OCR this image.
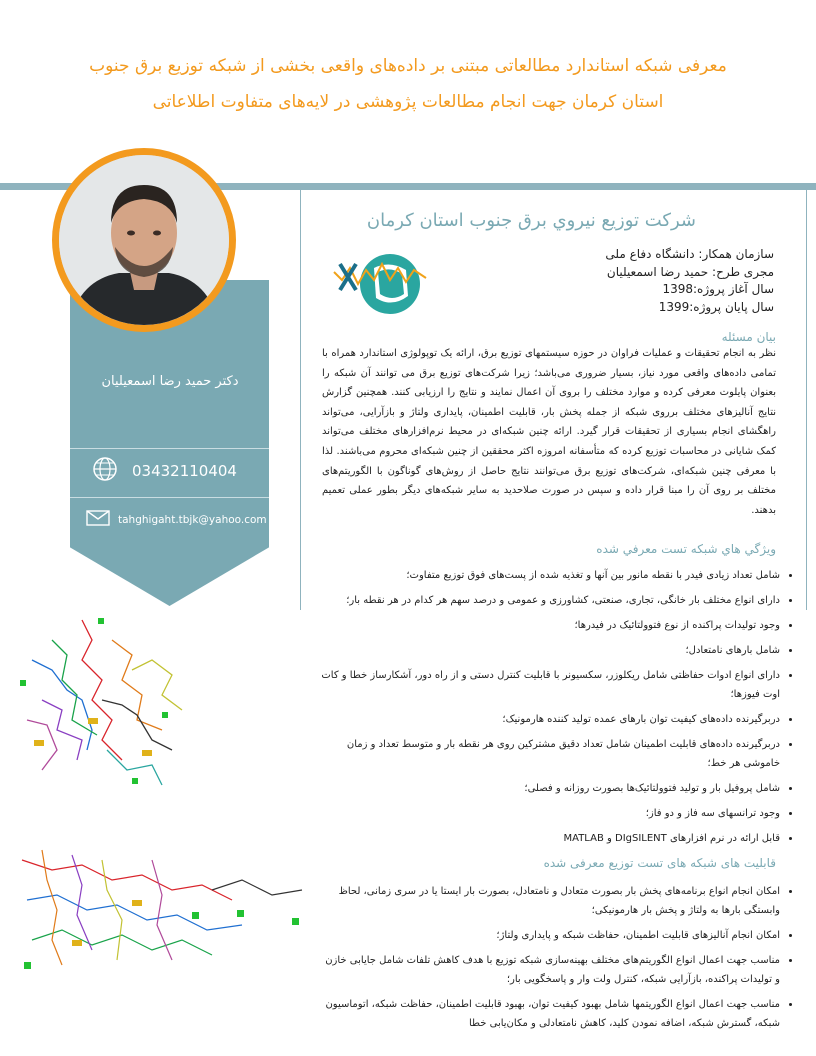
معرفی شبکه استاندارد مطالعاتی مبتنی بر داده‌های واقعی بخشی از شبکه توزیع برق جنوب
استان کرمان جهت انجام مطالعات پژوهشی در لایه‌های متفاوت اطلاعاتی
دکتر حمید رضا اسمعیلیان
03432110404
tahghigaht.tbjk@yahoo.com
شرکت توزیع نیروي برق جنوب استان کرمان
سازمان همکار: دانشگاه دفاع ملی
مجری طرح: حمید رضا اسمعیلیان
سال آغاز پروژه:1398
سال پایان پروژه:1399
بیان مسئله
نظر به انجام تحقیقات و عملیات فراوان در حوزه سیستمهای توزیع برق، ارائه یک توپولوژی استاندارد همراه با تمامی داده‌های واقعی مورد نیاز، بسیار ضروری می‌باشد؛ زیرا شرکت‌های توزیع برق می توانند آن شبکه را بعنوان پایلوت معرفی کرده و موارد مختلف را بروی آن اعمال نمایند و نتایج را ارزیابی کنند. همچنین گزارش نتایج آنالیزهای مختلف برروی شبکه از جمله پخش بار، قابلیت اطمینان، پایداری ولتاژ و بازآرایی، می‌تواند راهگشای انجام بسیاری از تحقیقات قرار گیرد. ارائه چنین شبکه‌ای در محیط نرم‌افزارهای مختلف می‌تواند کمک شایانی در محاسبات توزیع کرده که متأسفانه امروزه اکثر محققین از چنین شبکه‌ای محروم می‌باشند. لذا با معرفی چنین شبکه‌ای، شرکت‌های توزیع برق می‌توانند نتایج حاصل از روش‌های گوناگون با الگوریتم‌های مختلف بر روی آن را مبنا قرار داده و سپس در صورت صلاحدید به سایر شبکه‌های دیگر بطور عملی تعمیم بدهند.
ويژگي هاي شبکه تست معرفي شده
• شامل تعداد زیادی فیدر با نقطه مانور بین آنها و تغذیه شده از پست‌های فوق توزیع متفاوت؛
• دارای انواع مختلف بار خانگی، تجاری، صنعتی، کشاورزی و عمومی و درصد سهم هر کدام در هر نقطه بار؛
• وجود تولیدات پراکنده از نوع فتوولتائیک در فیدرها؛
• شامل بارهای نامتعادل؛
• دارای انواع ادوات حفاظتی شامل ریکلوزر، سکسیونر با قابلیت کنترل دستی و از راه دور، آشکارساز خطا و کات اوت فیوزها؛
• دربرگیرنده داده‌های کیفیت توان بارهای عمده تولید کننده هارمونیک؛
• دربرگیرنده داده‌های قابلیت اطمینان شامل تعداد دقیق مشترکین روی هر نقطه بار و متوسط تعداد و زمان خاموشی هر خط؛
• شامل پروفیل بار و تولید فتوولتائیک‌ها بصورت روزانه و فصلی؛
• وجود ترانسهای سه فاز و دو فاز؛
• قابل ارائه در نرم افزارهای DIgSILENT و MATLAB
قابلیت های شبکه های تست توزیع معرفی شده
• امکان انجام انواع برنامه‌های پخش بار بصورت متعادل و نامتعادل، بصورت بار ایستا یا در سری زمانی، لحاظ وابستگی بارها به ولتاژ و پخش بار هارمونیکی؛
• امکان انجام آنالیزهای قابلیت اطمینان، حفاظت شبکه و پایداری ولتاژ؛
• مناسب جهت اعمال انواع الگوریتم‌های مختلف بهینه‌سازی شبکه توزیع با هدف کاهش تلفات شامل جایابی خازن و تولیدات پراکنده، بازآرایی شبکه، کنترل ولت وار و پاسخگویی بار؛
• مناسب جهت اعمال انواع الگوریتمها شامل بهبود کیفیت توان، بهبود قابلیت اطمینان، حفاظت شبکه، اتوماسیون شبکه، گسترش شبکه، اضافه نمودن کلید، کاهش نامتعادلی و مکان‌یابی خطا
